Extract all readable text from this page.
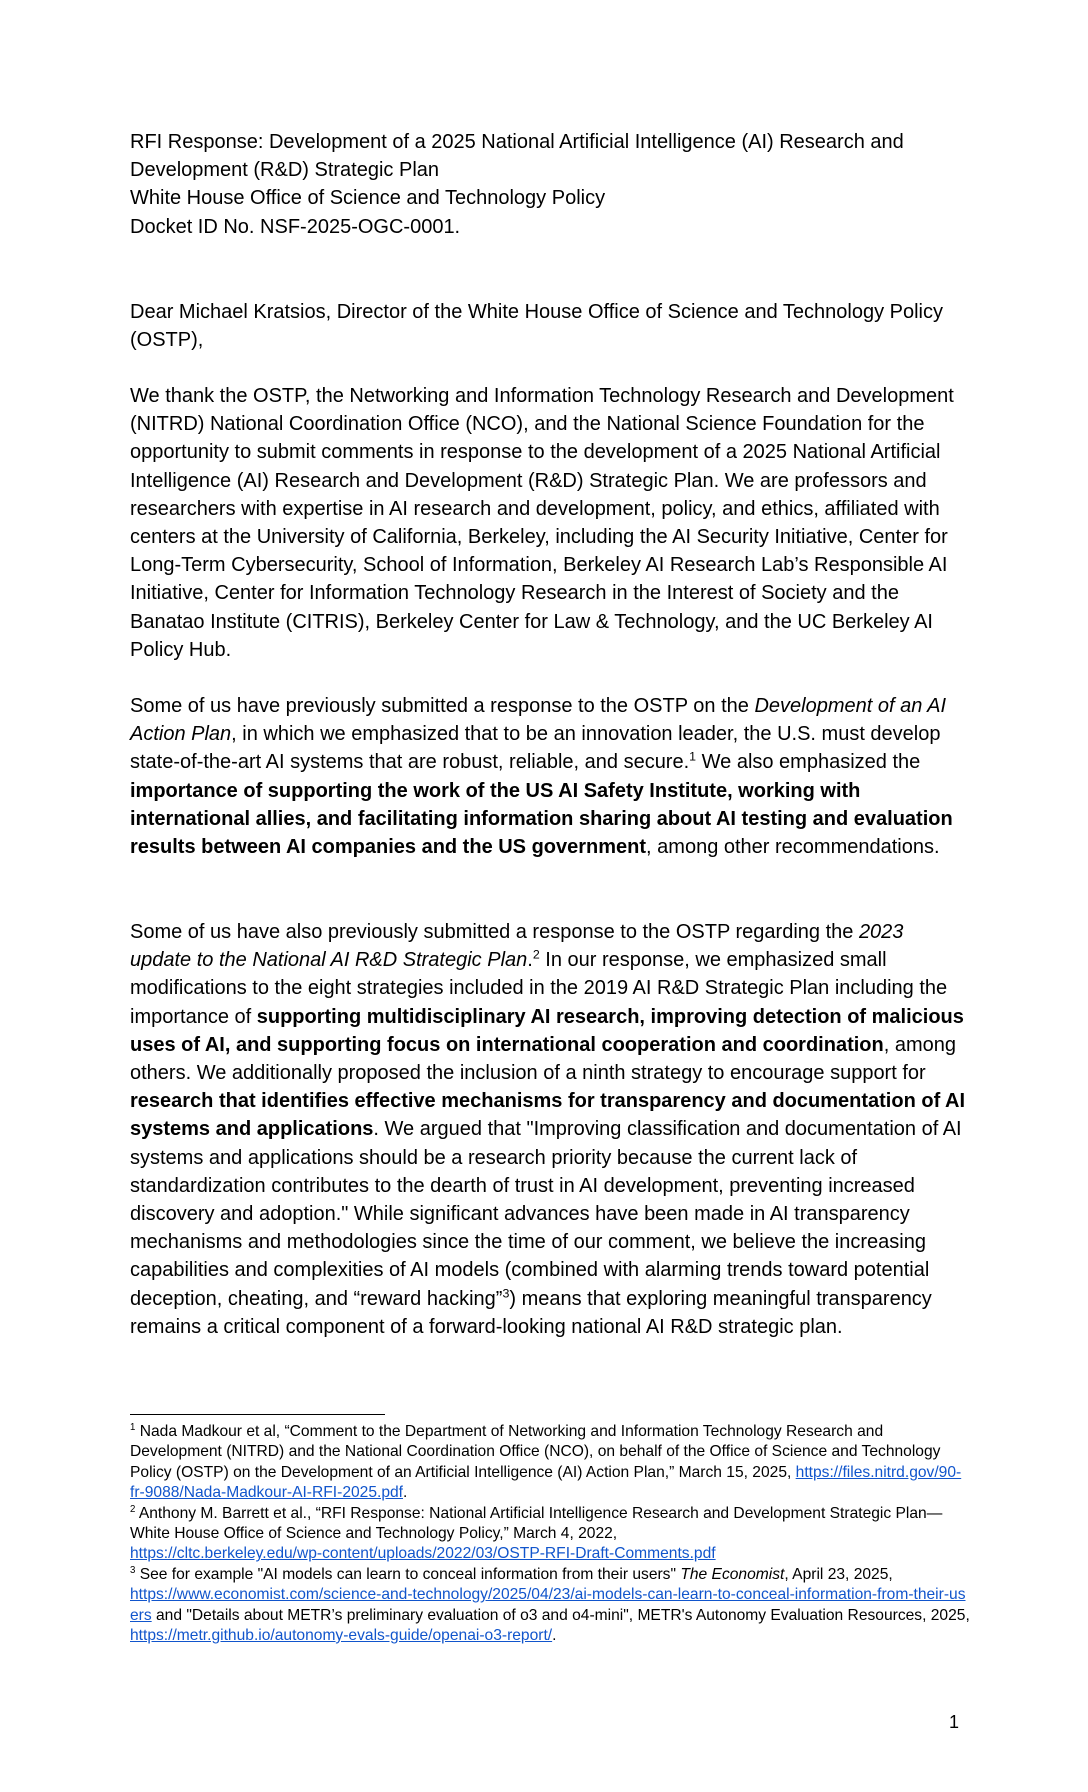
RFI Response: Development of a 2025 National Artificial Intelligence (AI) Research and
Development (R&D) Strategic Plan
White House Office of Science and Technology Policy
Docket ID No. NSF-2025-OGC-0001.

Dear Michael Kratsios, Director of the White House Office of Science and Technology Policy (OSTP),

We thank the OSTP, the Networking and Information Technology Research and Development (NITRD) National Coordination Office (NCO), and the National Science Foundation for the opportunity to submit comments in response to the development of a 2025 National Artificial Intelligence (AI) Research and Development (R&D) Strategic Plan. We are professors and researchers with expertise in AI research and development, policy, and ethics, affiliated with centers at the University of California, Berkeley, including the AI Security Initiative, Center for Long-Term Cybersecurity, School of Information, Berkeley AI Research Lab’s Responsible AI Initiative, Center for Information Technology Research in the Interest of Society and the Banatao Institute (CITRIS), Berkeley Center for Law & Technology, and the UC Berkeley AI Policy Hub.

Some of us have previously submitted a response to the OSTP on the Development of an AI Action Plan, in which we emphasized that to be an innovation leader, the U.S. must develop state-of-the-art AI systems that are robust, reliable, and secure.$^1$ We also emphasized the importance of supporting the work of the US AI Safety Institute, working with international allies, and facilitating information sharing about AI testing and evaluation results between AI companies and the US government, among other recommendations.

Some of us have also previously submitted a response to the OSTP regarding the 2023 update to the National AI R&D Strategic Plan.$^2$ In our response, we emphasized small modifications to the eight strategies included in the 2019 AI R&D Strategic Plan including the importance of supporting multidisciplinary AI research, improving detection of malicious uses of AI, and supporting focus on international cooperation and coordination, among others. We additionally proposed the inclusion of a ninth strategy to encourage support for research that identifies effective mechanisms for transparency and documentation of AI systems and applications. We argued that "Improving classification and documentation of AI systems and applications should be a research priority because the current lack of standardization contributes to the dearth of trust in AI development, preventing increased discovery and adoption." While significant advances have been made in AI transparency mechanisms and methodologies since the time of our comment, we believe the increasing capabilities and complexities of AI models (combined with alarming trends toward potential deception, cheating, and “reward hacking”$^3$) means that exploring meaningful transparency remains a critical component of a forward-looking national AI R&D strategic plan.

$^1$ Nada Madkour et al, “Comment to the Department of Networking and Information Technology Research and Development (NITRD) and the National Coordination Office (NCO), on behalf of the Office of Science and Technology Policy (OSTP) on the Development of an Artificial Intelligence (AI) Action Plan,” March 15, 2025, https://files.nitrd.gov/90-fr-9088/Nada-Madkour-AI-RFI-2025.pdf.

$^2$ Anthony M. Barrett et al., “RFI Response: National Artificial Intelligence Research and Development Strategic Plan— White House Office of Science and Technology Policy,” March 4, 2022,
https://cltc.berkeley.edu/wp-content/uploads/2022/03/OSTP-RFI-Draft-Comments.pdf

$^3$ See for example "AI models can learn to conceal information from their users" The Economist, April 23, 2025,
https://www.economist.com/science-and-technology/2025/04/23/ai-models-can-learn-to-conceal-information-from-their-users and "Details about METR’s preliminary evaluation of o3 and o4-mini", METR's Autonomy Evaluation Resources, 2025, https://metr.github.io/autonomy-evals-guide/openai-o3-report/.

1
